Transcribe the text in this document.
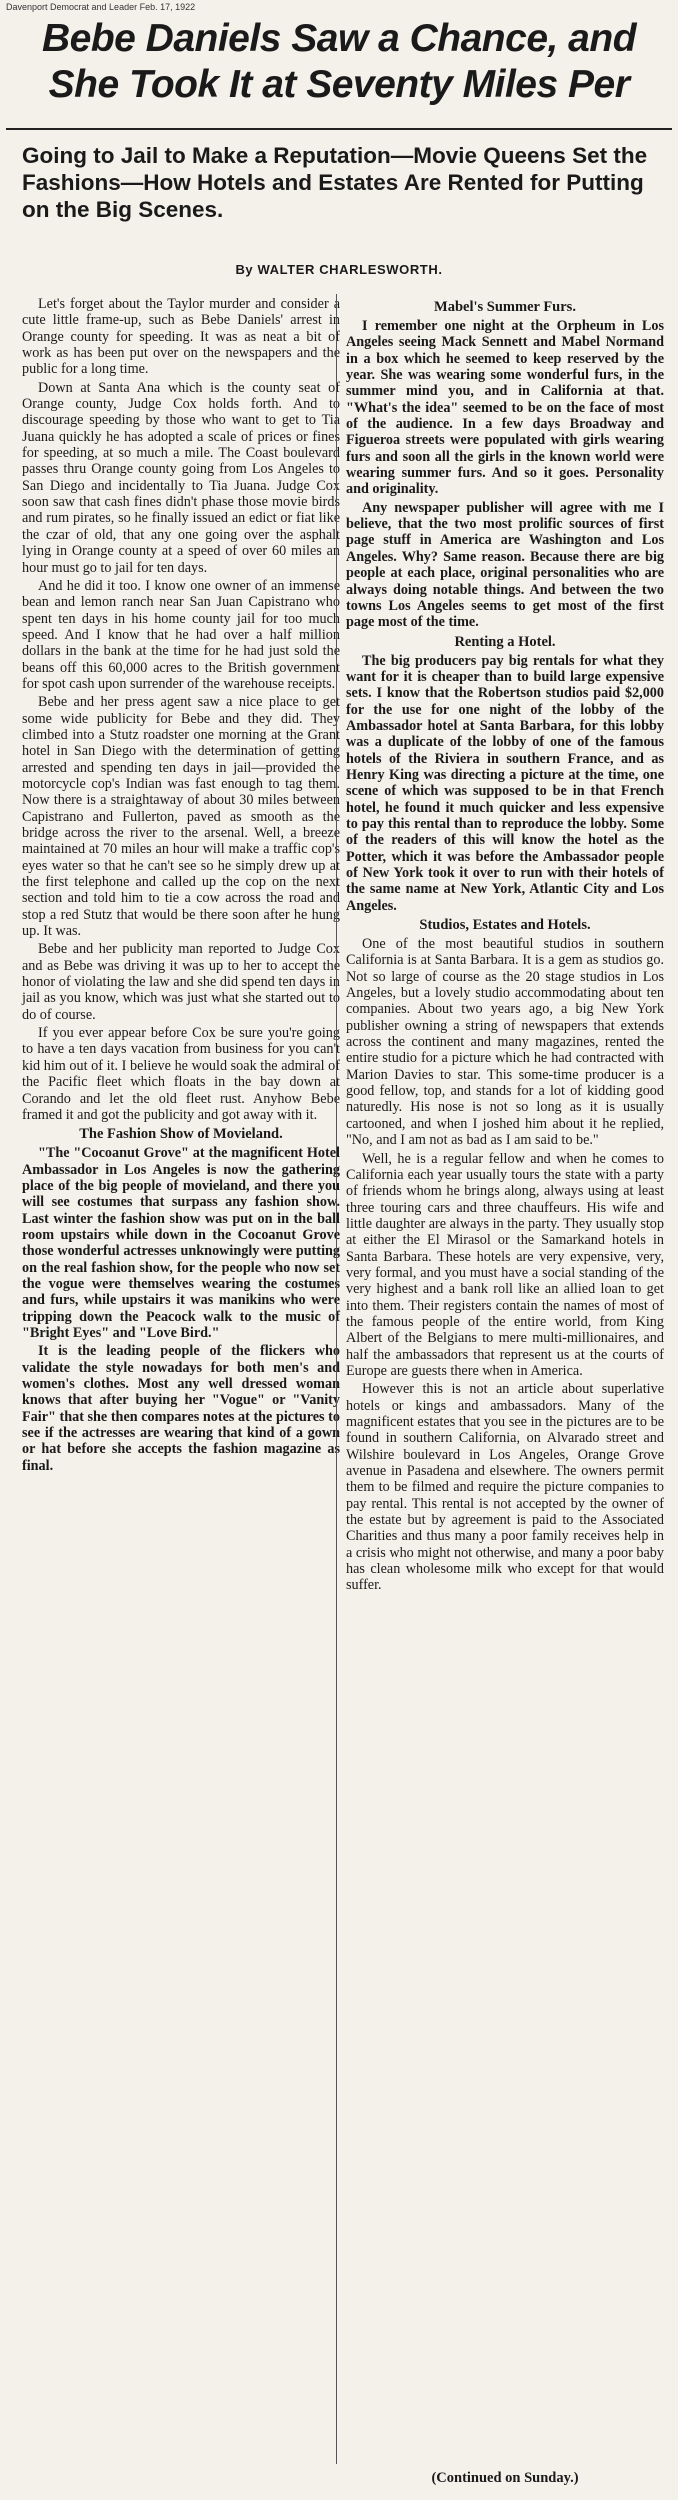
Davenport Democrat and Leader Feb. 17, 1922
Bebe Daniels Saw a Chance, and She Took It at Seventy Miles Per
Going to Jail to Make a Reputation—Movie Queens Set the Fashions—How Hotels and Estates Are Rented for Putting on the Big Scenes.
By WALTER CHARLESWORTH.

Let's forget about the Taylor murder and consider a cute little frame-up, such as Bebe Daniels' arrest in Orange county for speeding. It was as neat a bit of work as has been put over on the newspapers and the public for a long time.

Down at Santa Ana which is the county seat of Orange county, Judge Cox holds forth. And to discourage speeding by those who want to get to Tia Juana quickly he has adopted a scale of prices or fines for speeding, at so much a mile. The Coast boulevard passes thru Orange county going from Los Angeles to San Diego and incidentally to Tia Juana. Judge Cox soon saw that cash fines didn't phase those movie birds and rum pirates, so he finally issued an edict or fiat like the czar of old, that any one going over the asphalt lying in Orange county at a speed of over 60 miles an hour must go to jail for ten days.

And he did it too. I know one owner of an immense bean and lemon ranch near San Juan Capistrano who spent ten days in his home county jail for too much speed. And I know that he had over a half million dollars in the bank at the time for he had just sold the beans off this 60,000 acres to the British government for spot cash upon surrender of the warehouse receipts.

Bebe and her press agent saw a nice place to get some wide publicity for Bebe and they did. They climbed into a Stutz roadster one morning at the Grant hotel in San Diego with the determination of getting arrested and spending ten days in jail—provided the motorcycle cop's Indian was fast enough to tag them. Now there is a straightaway of about 30 miles between Capistrano and Fullerton, paved as smooth as the bridge across the river to the arsenal. Well, a breeze maintained at 70 miles an hour will make a traffic cop's eyes water so that he can't see so he simply drew up at the first telephone and called up the cop on the next section and told him to tie a cow across the road and stop a red Stutz that would be there soon after he hung up. It was.

Bebe and her publicity man reported to Judge Cox and as Bebe was driving it was up to her to accept the honor of violating the law and she did spend ten days in jail as you know, which was just what she started out to do of course.

If you ever appear before Cox be sure you're going to have a ten days vacation from business for you can't kid him out of it. I believe he would soak the admiral of the Pacific fleet which floats in the bay down at Corando and let the old fleet rust. Anyhow Bebe framed it and got the publicity and got away with it.

The Fashion Show of Movieland.

"The "Cocoanut Grove" at the magnificent Hotel Ambassador in Los Angeles is now the gathering place of the big people of movieland, and there you will see costumes that surpass any fashion show. Last winter the fashion show was put on in the ball room upstairs while down in the Cocoanut Grove those wonderful actresses unknowingly were putting on the real fashion show, for the people who now set the vogue were themselves wearing the costumes and furs, while upstairs it was manikins who were tripping down the Peacock walk to the music of "Bright Eyes" and "Love Bird."

It is the leading people of the flickers who validate the style nowadays for both men's and women's clothes. Most any well dressed woman knows that after buying her "Vogue" or "Vanity Fair" that she then compares notes at the pictures to see if the actresses are wearing that kind of a gown or hat before she accepts the fashion magazine as final.

Mabel's Summer Furs.

I remember one night at the Orpheum in Los Angeles seeing Mack Sennett and Mabel Normand in a box which he seemed to keep reserved by the year. She was wearing some wonderful furs, in the summer mind you, and in California at that. "What's the idea" seemed to be on the face of most of the audience. In a few days Broadway and Figueroa streets were populated with girls wearing furs and soon all the girls in the known world were wearing summer furs. And so it goes. Personality and originality.

Any newspaper publisher will agree with me I believe, that the two most prolific sources of first page stuff in America are Washington and Los Angeles. Why? Same reason. Because there are big people at each place, original personalities who are always doing notable things. And between the two towns Los Angeles seems to get most of the first page most of the time.

Renting a Hotel.

The big producers pay big rentals for what they want for it is cheaper than to build large expensive sets. I know that the Robertson studios paid $2,000 for the use for one night of the lobby of the Ambassador hotel at Santa Barbara, for this lobby was a duplicate of the lobby of one of the famous hotels of the Riviera in southern France, and as Henry King was directing a picture at the time, one scene of which was supposed to be in that French hotel, he found it much quicker and less expensive to pay this rental than to reproduce the lobby. Some of the readers of this will know the hotel as the Potter, which it was before the Ambassador people of New York took it over to run with their hotels of the same name at New York, Atlantic City and Los Angeles.

Studios, Estates and Hotels.

One of the most beautiful studios in southern California is at Santa Barbara. It is a gem as studios go. Not so large of course as the 20 stage studios in Los Angeles, but a lovely studio accommodating about ten companies. About two years ago, a big New York publisher owning a string of newspapers that extends across the continent and many magazines, rented the entire studio for a picture which he had contracted with Marion Davies to star. This some-time producer is a good fellow, top, and stands for a lot of kidding good naturedly. His nose is not so long as it is usually cartooned, and when I joshed him about it he replied, "No, and I am not as bad as I am said to be."

Well, he is a regular fellow and when he comes to California each year usually tours the state with a party of friends whom he brings along, always using at least three touring cars and three chauffeurs. His wife and little daughter are always in the party. They usually stop at either the El Mirasol or the Samarkand hotels in Santa Barbara. These hotels are very expensive, very, very formal, and you must have a social standing of the very highest and a bank roll like an allied loan to get into them. Their registers contain the names of most of the famous people of the entire world, from King Albert of the Belgians to mere multi-millionaires, and half the ambassadors that represent us at the courts of Europe are guests there when in America.

However this is not an article about superlative hotels or kings and ambassadors. Many of the magnificent estates that you see in the pictures are to be found in southern California, on Alvarado street and Wilshire boulevard in Los Angeles, Orange Grove avenue in Pasadena and elsewhere. The owners permit them to be filmed and require the picture companies to pay rental. This rental is not accepted by the owner of the estate but by agreement is paid to the Associated Charities and thus many a poor family receives help in a crisis who might not otherwise, and many a poor baby has clean wholesome milk who except for that would suffer.

(Continued on Sunday.)
